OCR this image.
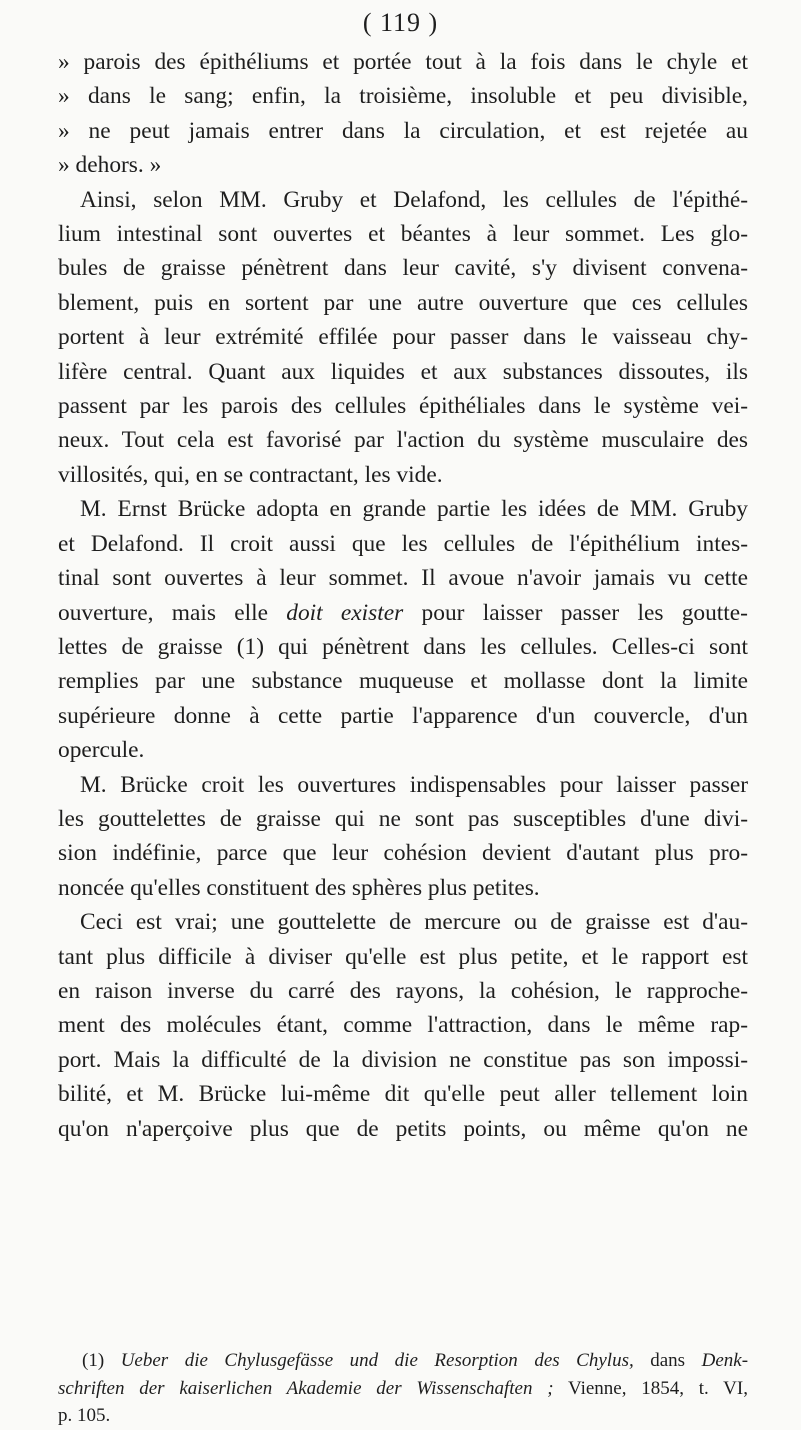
( 119 )
» parois des épithéliums et portée tout à la fois dans le chyle et
» dans le sang; enfin, la troisième, insoluble et peu divisible,
» ne peut jamais entrer dans la circulation, et est rejetée au
» dehors. »
Ainsi, selon MM. Gruby et Delafond, les cellules de l'épithé-
lium intestinal sont ouvertes et béantes à leur sommet. Les glo-
bules de graisse pénètrent dans leur cavité, s'y divisent convena-
blement, puis en sortent par une autre ouverture que ces cellules
portent à leur extrémité effilée pour passer dans le vaisseau chy-
lifère central. Quant aux liquides et aux substances dissoutes, ils
passent par les parois des cellules épithéliales dans le système vei-
neux. Tout cela est favorisé par l'action du système musculaire des
villosités, qui, en se contractant, les vide.
M. Ernst Brücke adopta en grande partie les idées de MM. Gruby
et Delafond. Il croit aussi que les cellules de l'épithélium intes-
tinal sont ouvertes à leur sommet. Il avoue n'avoir jamais vu cette
ouverture, mais elle doit exister pour laisser passer les goutte-
lettes de graisse (1) qui pénètrent dans les cellules. Celles-ci sont
remplies par une substance muqueuse et mollasse dont la limite
supérieure donne à cette partie l'apparence d'un couvercle, d'un
opercule.
M. Brücke croit les ouvertures indispensables pour laisser passer
les gouttelettes de graisse qui ne sont pas susceptibles d'une divi-
sion indéfinie, parce que leur cohésion devient d'autant plus pro-
noncée qu'elles constituent des sphères plus petites.
Ceci est vrai; une gouttelette de mercure ou de graisse est d'au-
tant plus difficile à diviser qu'elle est plus petite, et le rapport est
en raison inverse du carré des rayons, la cohésion, le rapproche-
ment des molécules étant, comme l'attraction, dans le même rap-
port. Mais la difficulté de la division ne constitue pas son impossi-
bilité, et M. Brücke lui-même dit qu'elle peut aller tellement loin
qu'on n'aperçoive plus que de petits points, ou même qu'on ne
(1) Ueber die Chylusgefässe und die Resorption des Chylus, dans Denk-
schriften der kaiserlichen Akademie der Wissenschaften ; Vienne, 1854, t. VI,
p. 105.
